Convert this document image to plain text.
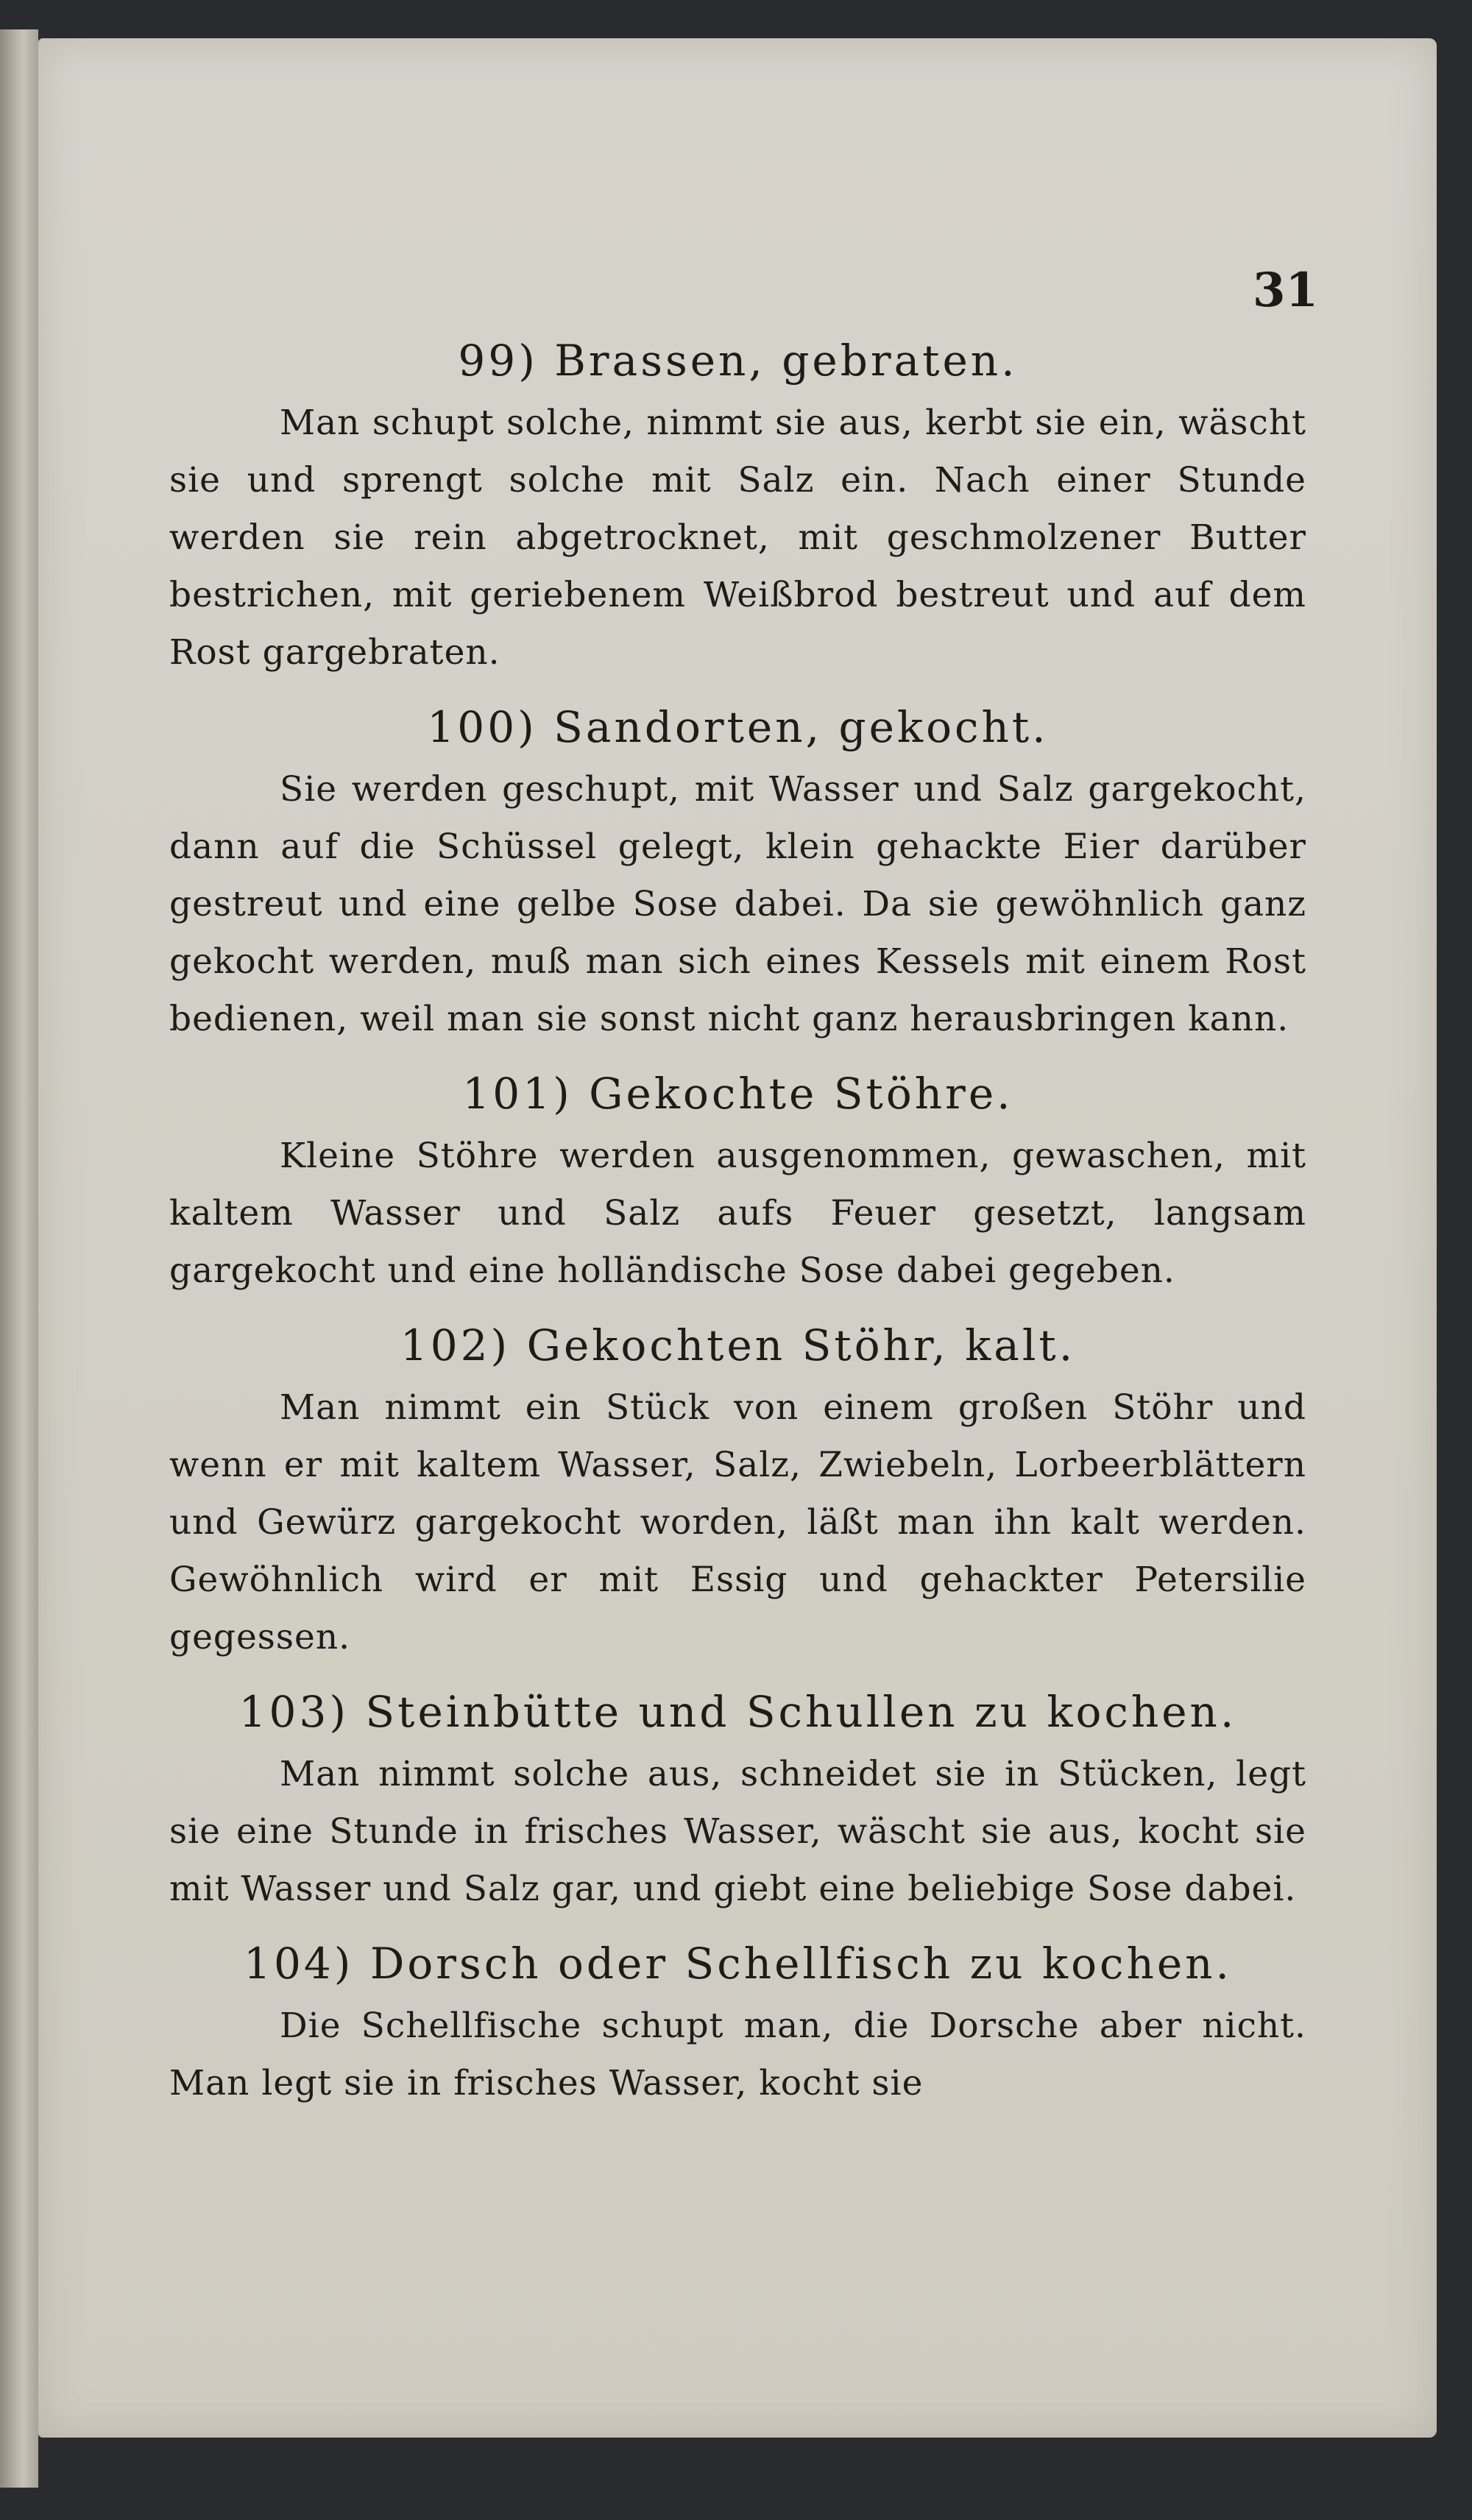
31

99) Brassen, gebraten.

Man schupt solche, nimmt sie aus, kerbt sie ein, wäscht sie und sprengt solche mit Salz ein. Nach einer Stunde werden sie rein abgetrocknet, mit geschmolzener Butter bestrichen, mit geriebenem Weißbrod bestreut und auf dem Rost gargebraten.

100) Sandorten, gekocht.

Sie werden geschupt, mit Wasser und Salz gargekocht, dann auf die Schüssel gelegt, klein gehackte Eier darüber gestreut und eine gelbe Sose dabei. Da sie gewöhnlich ganz gekocht werden, muß man sich eines Kessels mit einem Rost bedienen, weil man sie sonst nicht ganz herausbringen kann.

101) Gekochte Stöhre.

Kleine Stöhre werden ausgenommen, gewaschen, mit kaltem Wasser und Salz aufs Feuer gesetzt, langsam gargekocht und eine holländische Sose dabei gegeben.

102) Gekochten Stöhr, kalt.

Man nimmt ein Stück von einem großen Stöhr und wenn er mit kaltem Wasser, Salz, Zwiebeln, Lorbeerblättern und Gewürz gargekocht worden, läßt man ihn kalt werden. Gewöhnlich wird er mit Essig und gehackter Petersilie gegessen.

103) Steinbütte und Schullen zu kochen.

Man nimmt solche aus, schneidet sie in Stücken, legt sie eine Stunde in frisches Wasser, wäscht sie aus, kocht sie mit Wasser und Salz gar, und giebt eine beliebige Sose dabei.

104) Dorsch oder Schellfisch zu kochen.

Die Schellfische schupt man, die Dorsche aber nicht. Man legt sie in frisches Wasser, kocht sie
